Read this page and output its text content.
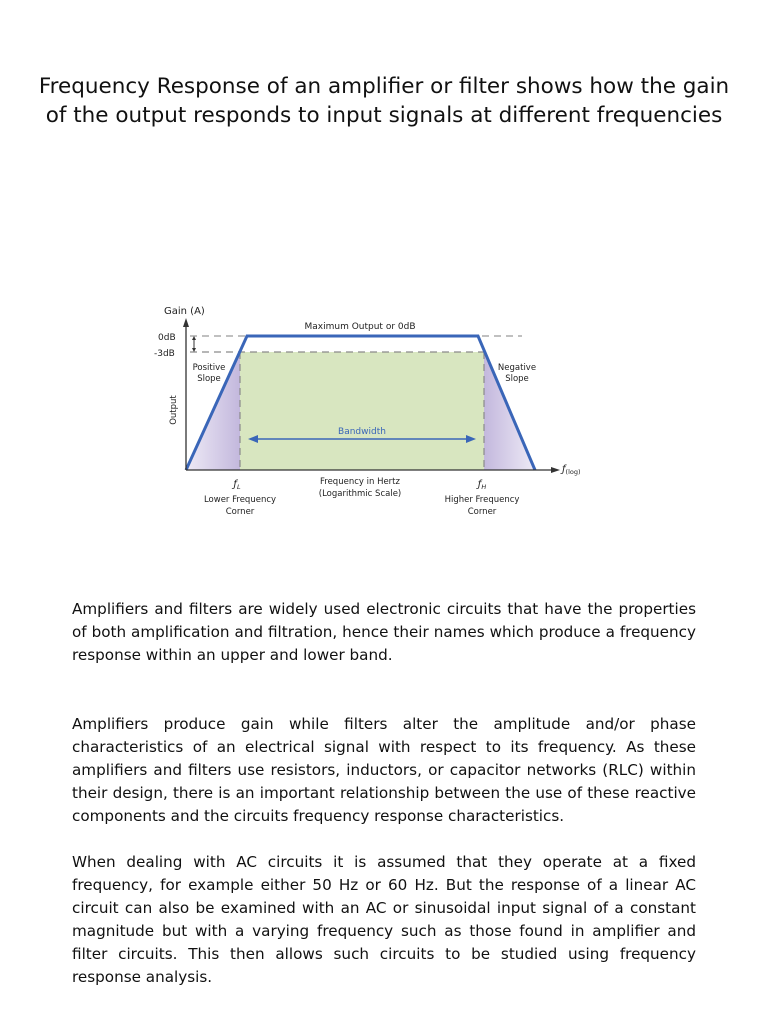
Frequency Response of an amplifier or filter shows how the gain of the output responds to input signals at different frequencies
Gain (A)
0dB
-3dB
Output
Maximum Output or 0dB
Positive
Slope
Negative
Slope
Bandwidth
$ƒ_{(log)}$
$ƒ_L$	$ƒ_H$
Lower Frequency
Corner
Frequency in Hertz
(Logarithmic Scale)
Higher Frequency
Corner

Amplifiers and filters are widely used electronic circuits that have the properties of both amplification and filtration, hence their names which produce a frequency response within an upper and lower band.

Amplifiers produce gain while filters alter the amplitude and/or phase characteristics of an electrical signal with respect to its frequency. As these amplifiers and filters use resistors, inductors, or capacitor networks (RLC) within their design, there is an important relationship between the use of these reactive components and the circuits frequency response characteristics.

When dealing with AC circuits it is assumed that they operate at a fixed frequency, for example either 50 Hz or 60 Hz. But the response of a linear AC circuit can also be examined with an AC or sinusoidal input signal of a constant magnitude but with a varying frequency such as those found in amplifier and filter circuits. This then allows such circuits to be studied using frequency response analysis.
